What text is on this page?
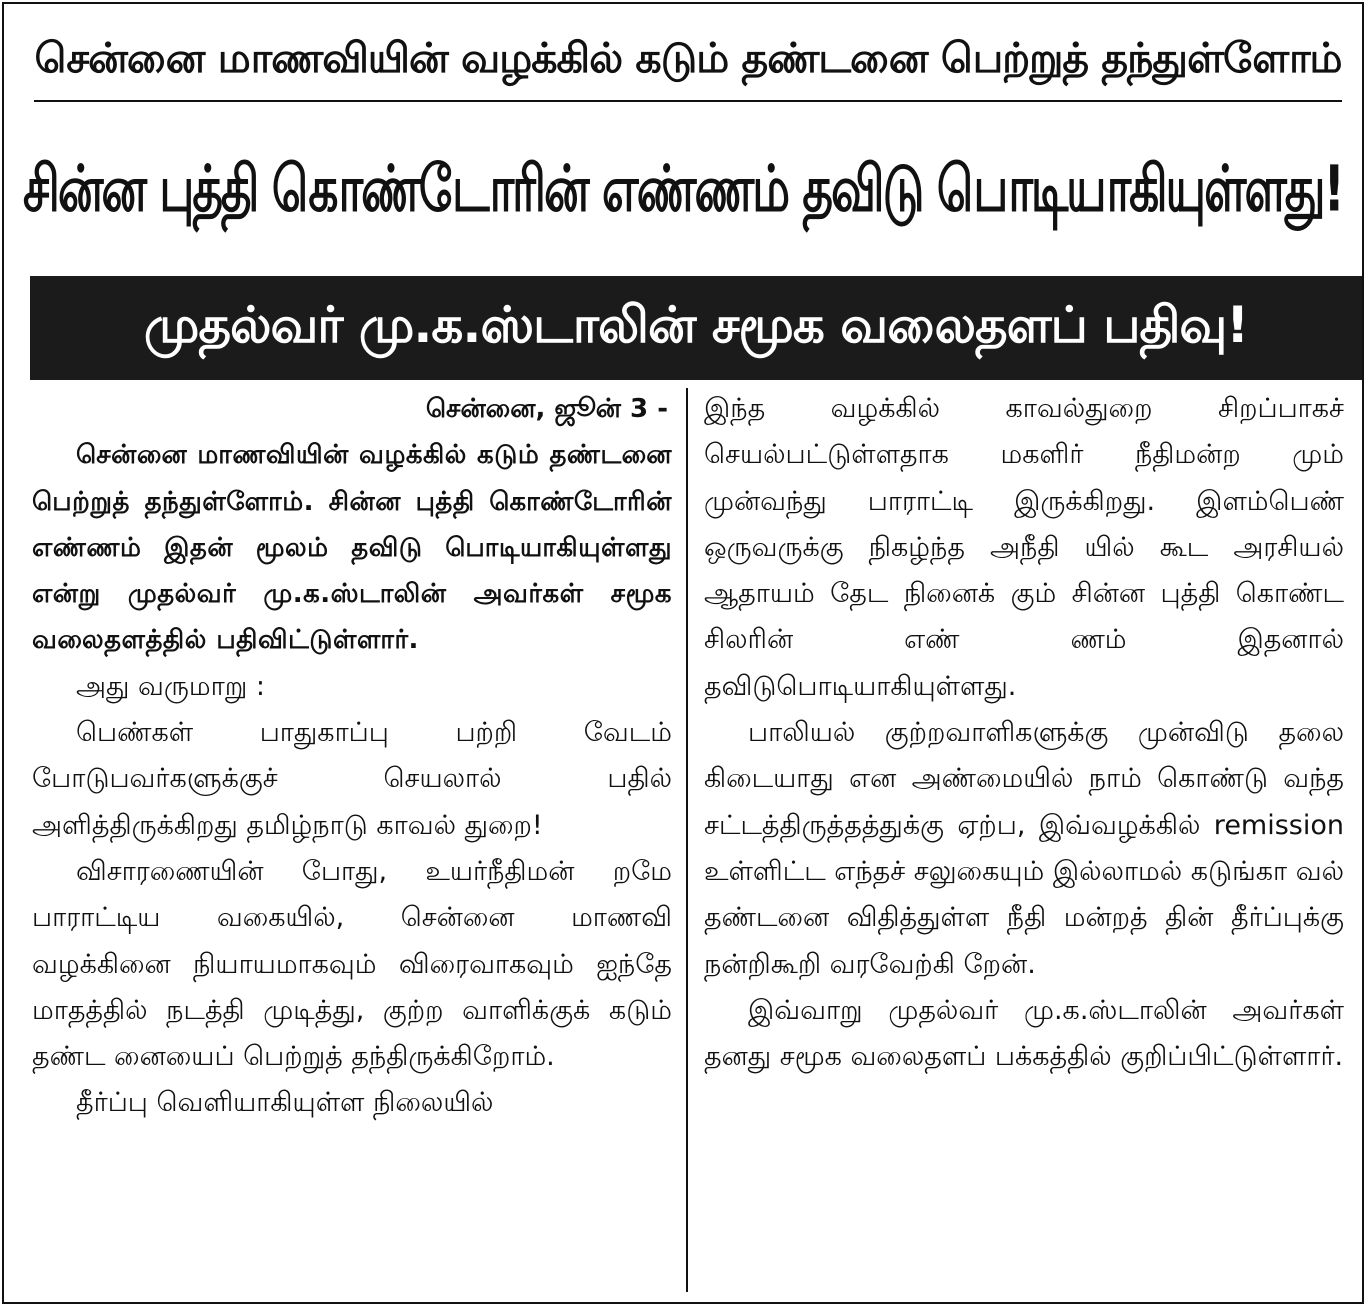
சென்னை மாணவியின் வழக்கில் கடும் தண்டனை பெற்றுத் தந்துள்ளோம்
சின்ன புத்தி கொண்டோரின் எண்ணம் தவிடு பொடியாகியுள்ளது!
முதல்வர் மு.க.ஸ்டாலின் சமூக வலைதளப் பதிவு!
சென்னை, ஜூன் 3 -

சென்னை மாணவியின் வழக்கில் கடும் தண்டனை பெற்றுத் தந்துள்ளோம். சின்ன புத்தி கொண்டோரின் எண்ணம் இதன் மூலம் தவிடு பொடியாகியுள்ளது என்று முதல்வர் மு.க.ஸ்டாலின் அவர்கள் சமூக வலைதளத்தில் பதிவிட்டுள்ளார்.

அது வருமாறு :

பெண்கள் பாதுகாப்பு பற்றி வேடம் போடுபவர்களுக்குச் செயலால் பதில் அளித்திருக்கிறது தமிழ்நாடு காவல் துறை!

விசாரணையின் போது, உயர்நீதிமன் றமே பாராட்டிய வகையில், சென்னை மாணவி வழக்கினை நியாயமாகவும் விரைவாகவும் ஐந்தே மாதத்தில் நடத்தி முடித்து, குற்ற வாளிக்குக் கடும் தண்ட னையைப் பெற்றுத் தந்திருக்கிறோம்.

தீர்ப்பு வெளியாகியுள்ள நிலையில்

இந்த வழக்கில் காவல்துறை சிறப்பாகச் செயல்பட்டுள்ளதாக மகளிர் நீதிமன்ற மும் முன்வந்து பாராட்டி இருக்கிறது. இளம்பெண் ஒருவருக்கு நிகழ்ந்த அநீதி யில் கூட அரசியல் ஆதாயம் தேட நினைக் கும் சின்ன புத்தி கொண்ட சிலரின் எண் ணம் இதனால் தவிடுபொடியாகியுள்ளது.

பாலியல் குற்றவாளிகளுக்கு முன்விடு தலை கிடையாது என அண்மையில் நாம் கொண்டு வந்த சட்டத்திருத்தத்துக்கு ஏற்ப, இவ்வழக்கில் remission உள்ளிட்ட எந்தச் சலுகையும் இல்லாமல் கடுங்கா வல் தண்டனை விதித்துள்ள நீதி மன்றத் தின் தீர்ப்புக்கு நன்றிகூறி வரவேற்கி றேன்.

இவ்வாறு முதல்வர் மு.க.ஸ்டாலின் அவர்கள் தனது சமூக வலைதளப் பக்கத்தில் குறிப்பிட்டுள்ளார்.
